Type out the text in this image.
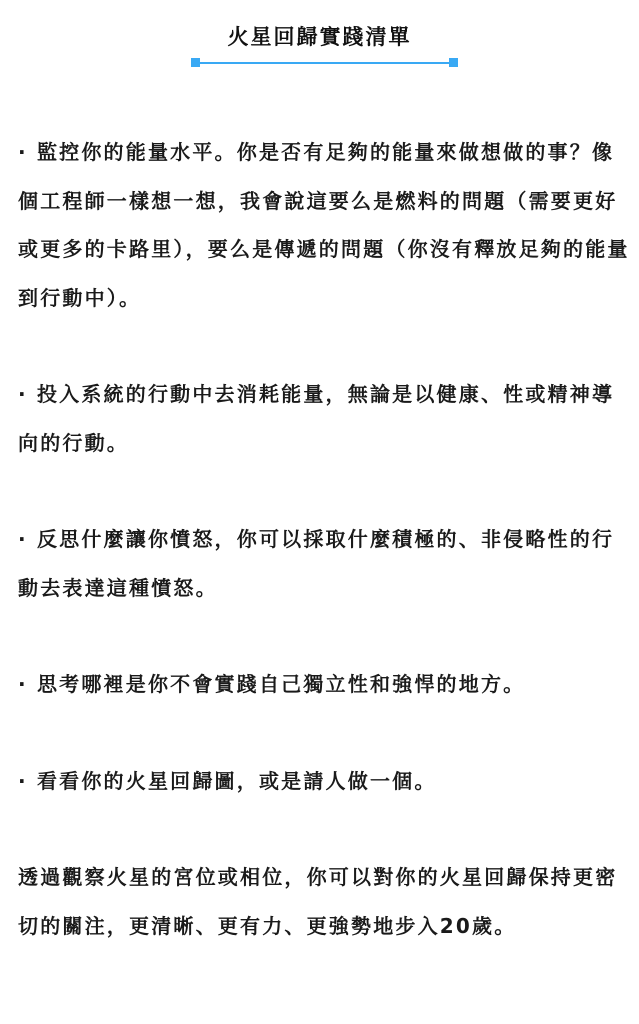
火星回歸實踐清單

· 監控你的能量水平。你是否有足夠的能量來做想做的事？像個工程師一樣想一想，我會說這要么是燃料的問題（需要更好或更多的卡路里），要么是傳遞的問題（你沒有釋放足夠的能量到行動中）。

· 投入系統的行動中去消耗能量，無論是以健康、性或精神導向的行動。

· 反思什麼讓你憤怒，你可以採取什麼積極的、非侵略性的行動去表達這種憤怒。

· 思考哪裡是你不會實踐自己獨立性和強悍的地方。

· 看看你的火星回歸圖，或是請人做一個。

透過觀察火星的宮位或相位，你可以對你的火星回歸保持更密切的關注，更清晰、更有力、更強勢地步入20歲。
